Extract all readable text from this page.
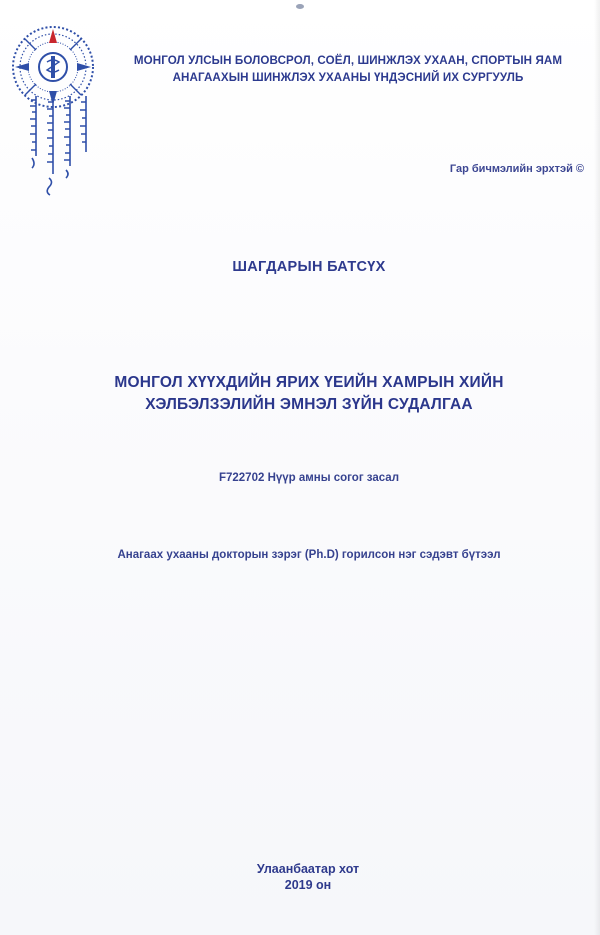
МОНГОЛ УЛСЫН БОЛОВСРОЛ, СОЁЛ, ШИНЖЛЭХ УХААН, СПОРТЫН ЯАМ
АНАГААХЫН ШИНЖЛЭХ УХААНЫ ҮНДЭСНИЙ ИХ СУРГУУЛЬ
Гар бичмэлийн эрхтэй ©
ШАГДАРЫН БАТСҮХ
МОНГОЛ ХҮҮХДИЙН ЯРИХ ҮЕИЙН ХАМРЫН ХИЙН
ХЭЛБЭЛЗЭЛИЙН ЭМНЭЛ ЗҮЙН СУДАЛГАА
F722702 Нүүр амны согог засал
Анагаах ухааны докторын зэрэг (Ph.D) горилсон нэг сэдэвт бүтээл
Улаанбаатар хот
2019 он
